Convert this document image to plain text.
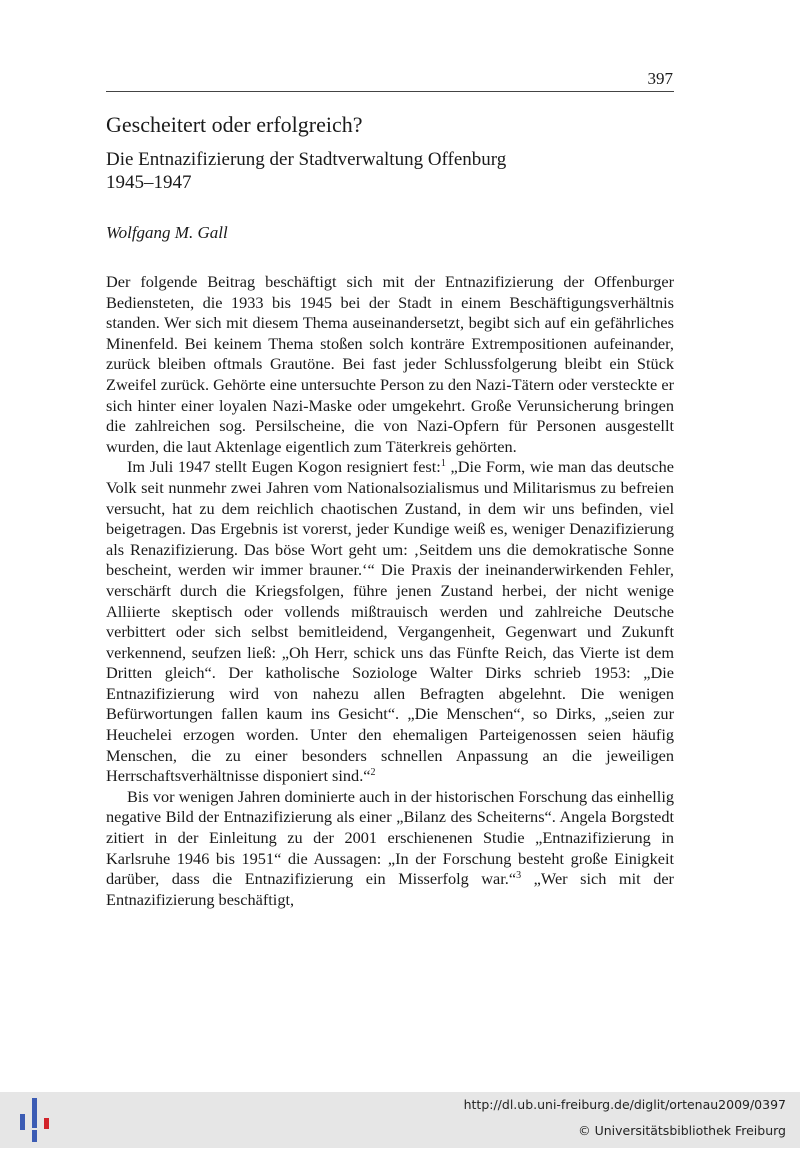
397
Gescheitert oder erfolgreich?
Die Entnazifizierung der Stadtverwaltung Offenburg
1945–1947
Wolfgang M. Gall

Der folgende Beitrag beschäftigt sich mit der Entnazifizierung der Offenburger Bediensteten, die 1933 bis 1945 bei der Stadt in einem Beschäftigungsverhältnis standen. Wer sich mit diesem Thema auseinandersetzt, begibt sich auf ein gefährliches Minenfeld. Bei keinem Thema stoßen solch konträre Extrempositionen aufeinander, zurück bleiben oftmals Grautöne. Bei fast jeder Schlussfolgerung bleibt ein Stück Zweifel zurück. Gehörte eine untersuchte Person zu den Nazi-Tätern oder versteckte er sich hinter einer loyalen Nazi-Maske oder umgekehrt. Große Verunsicherung bringen die zahlreichen sog. Persilscheine, die von Nazi-Opfern für Personen ausgestellt wurden, die laut Aktenlage eigentlich zum Täterkreis gehörten.

Im Juli 1947 stellt Eugen Kogon resigniert fest:$^1$ „Die Form, wie man das deutsche Volk seit nunmehr zwei Jahren vom Nationalsozialismus und Militarismus zu befreien versucht, hat zu dem reichlich chaotischen Zustand, in dem wir uns befinden, viel beigetragen. Das Ergebnis ist vorerst, jeder Kundige weiß es, weniger Denazifizierung als Renazifizierung. Das böse Wort geht um: ‚Seitdem uns die demokratische Sonne bescheint, werden wir immer brauner.‘“ Die Praxis der ineinanderwirkenden Fehler, verschärft durch die Kriegsfolgen, führe jenen Zustand herbei, der nicht wenige Alliierte skeptisch oder vollends mißtrauisch werden und zahlreiche Deutsche verbittert oder sich selbst bemitleidend, Vergangenheit, Gegenwart und Zukunft verkennend, seufzen ließ: „Oh Herr, schick uns das Fünfte Reich, das Vierte ist dem Dritten gleich“. Der katholische Soziologe Walter Dirks schrieb 1953: „Die Entnazifizierung wird von nahezu allen Befragten abgelehnt. Die wenigen Befürwortungen fallen kaum ins Gesicht“. „Die Menschen“, so Dirks, „seien zur Heuchelei erzogen worden. Unter den ehemaligen Parteigenossen seien häufig Menschen, die zu einer besonders schnellen Anpassung an die jeweiligen Herrschaftsverhältnisse disponiert sind.“$^2$

Bis vor wenigen Jahren dominierte auch in der historischen Forschung das einhellig negative Bild der Entnazifizierung als einer „Bilanz des Scheiterns“. Angela Borgstedt zitiert in der Einleitung zu der 2001 erschienenen Studie „Entnazifizierung in Karlsruhe 1946 bis 1951“ die Aussagen: „In der Forschung besteht große Einigkeit darüber, dass die Entnazifizierung ein Misserfolg war.“$^3$ „Wer sich mit der Entnazifizierung beschäftigt,

http://dl.ub.uni-freiburg.de/diglit/ortenau2009/0397
© Universitätsbibliothek Freiburg
